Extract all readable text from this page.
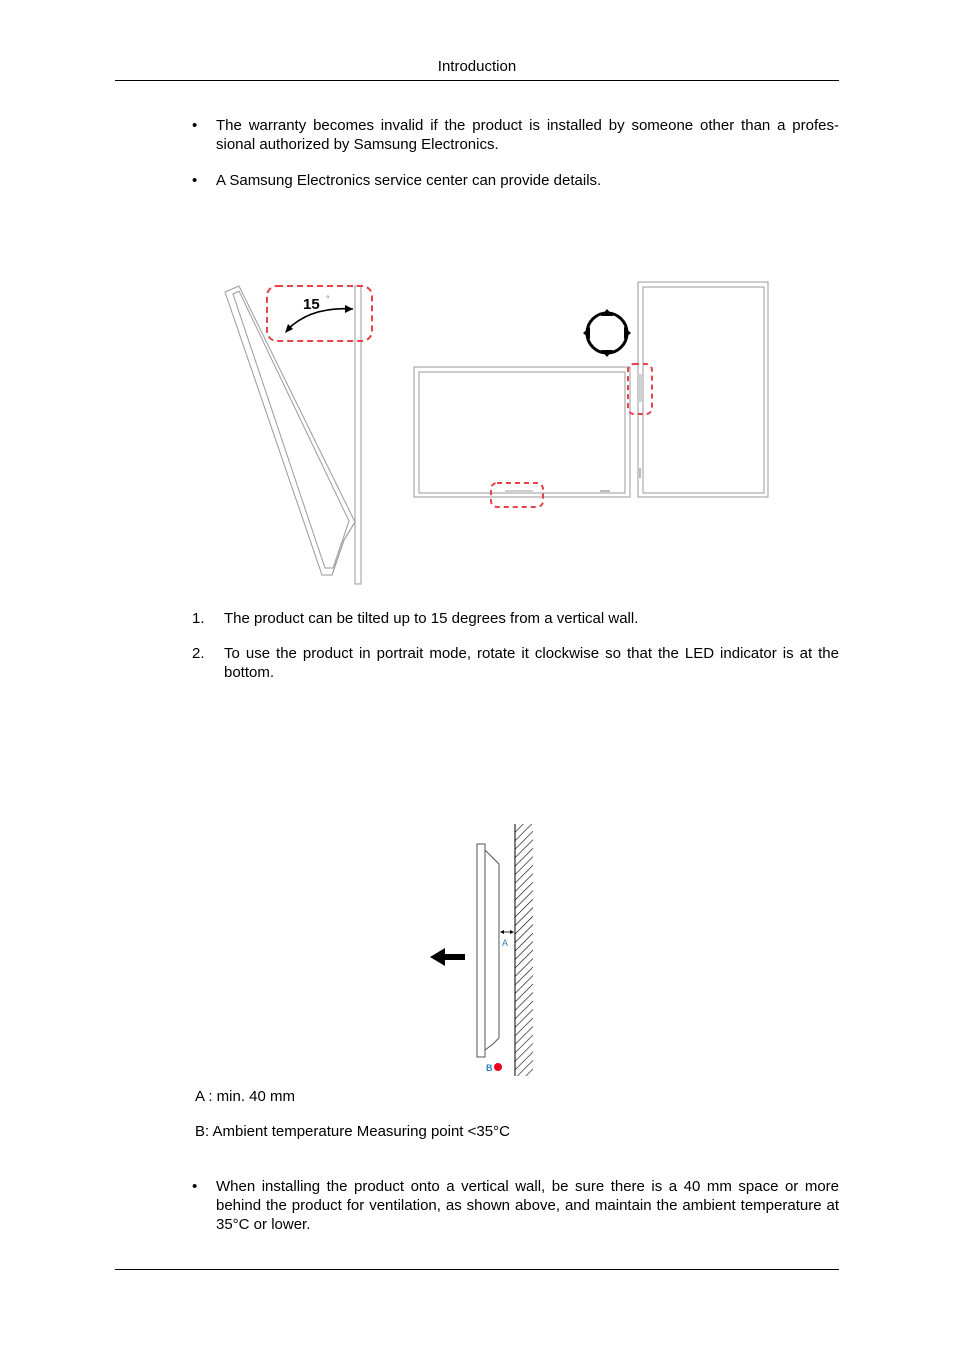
Introduction
• The warranty becomes invalid if the product is installed by someone other than a profes-sional authorized by Samsung Electronics.
• A Samsung Electronics service center can provide details.
15 °
1. The product can be tilted up to 15 degrees from a vertical wall.
2. To use the product in portrait mode, rotate it clockwise so that the LED indicator is at the bottom.
A
B
A : min. 40 mm
B: Ambient temperature Measuring point <35°C
• When installing the product onto a vertical wall, be sure there is a 40 mm space or more behind the product for ventilation, as shown above, and maintain the ambient temperature at 35°C or lower.
